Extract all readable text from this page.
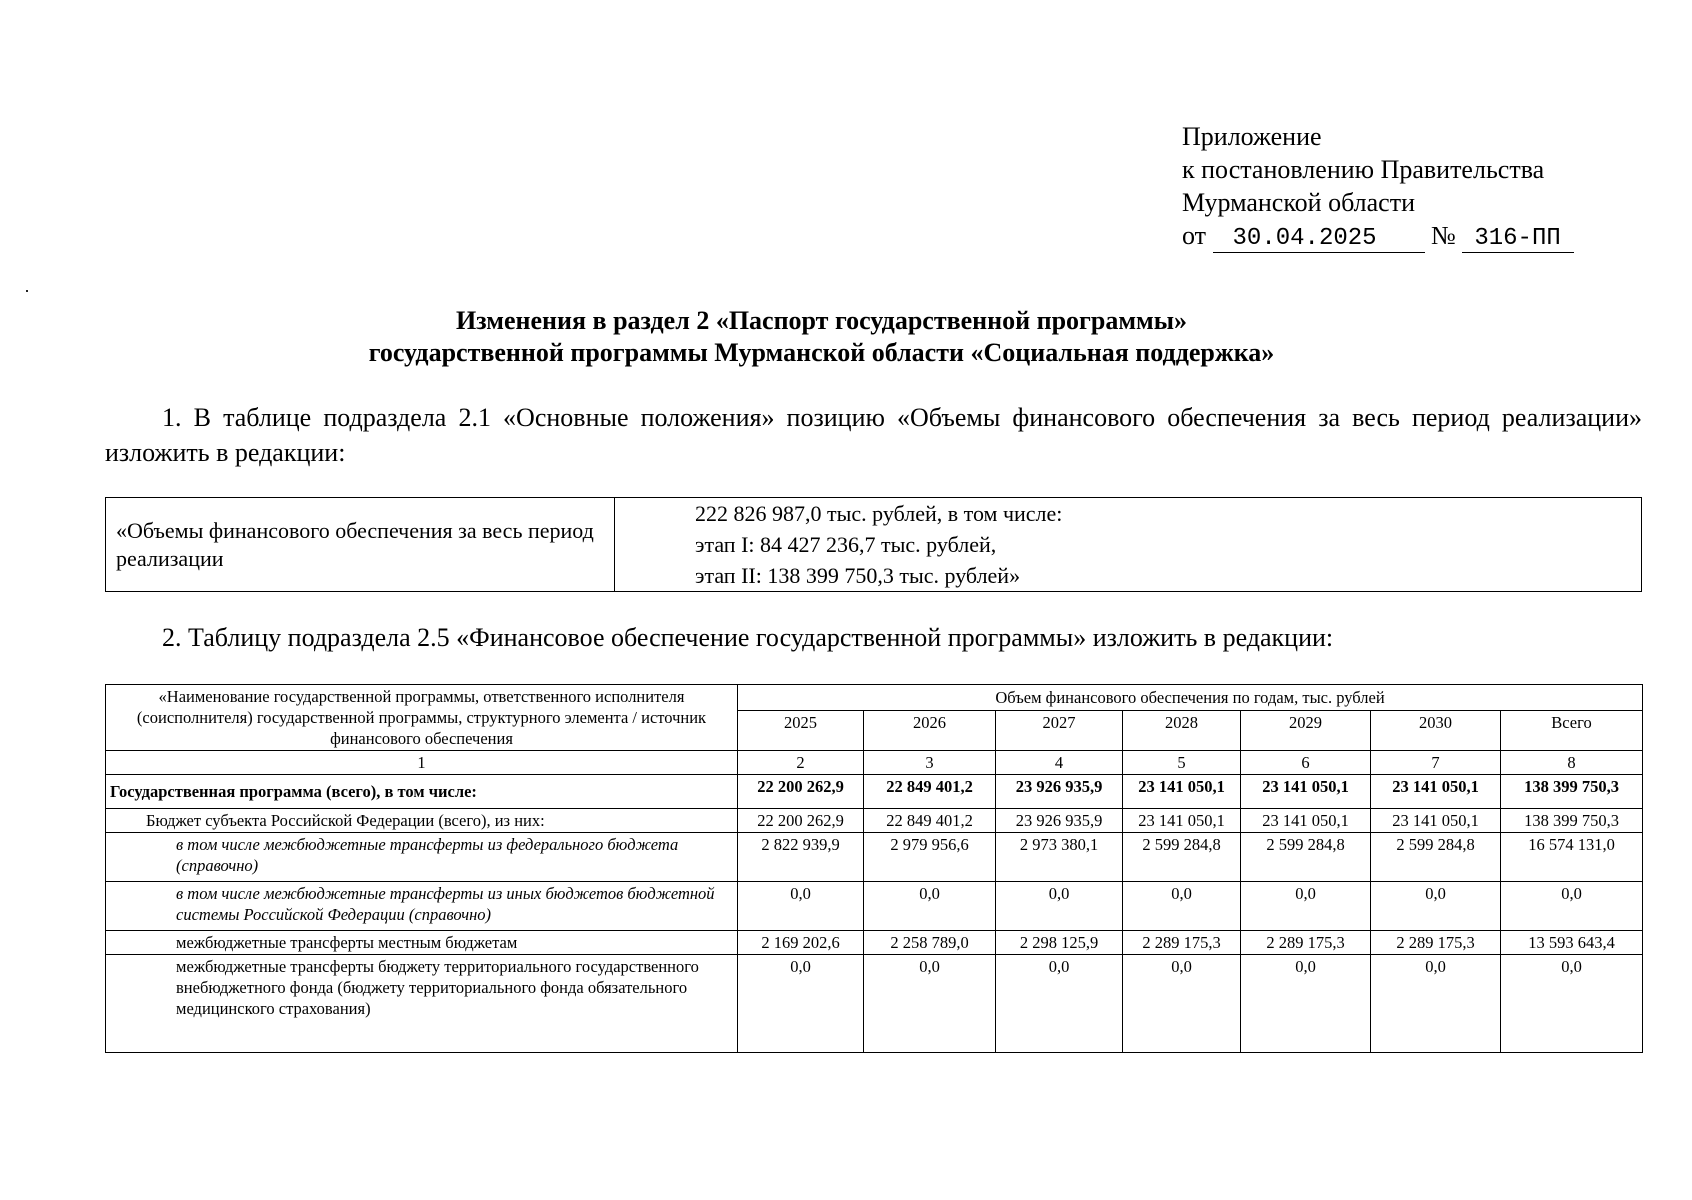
Приложение
к постановлению Правительства
Мурманской области
от 30.04.2025 № 316-ПП
Изменения в раздел 2 «Паспорт государственной программы»
государственной программы Мурманской области «Социальная поддержка»
1. В таблице подраздела 2.1 «Основные положения» позицию «Объемы финансового обеспечения за весь период реализации» изложить в редакции:
«Объемы финансового обеспечения за весь период реализации	
222 826 987,0 тыс. рублей, в том числе:
этап I: 84 427 236,7 тыс. рублей,
этап II: 138 399 750,3 тыс. рублей»
2. Таблицу подраздела 2.5 «Финансовое обеспечение государственной программы» изложить в редакции:
«Наименование государственной программы, ответственного исполнителя (соисполнителя) государственной программы, структурного элемента / источник финансового обеспечения	Объем финансового обеспечения по годам, тыс. рублей						
	2025	2026	2027	2028	2029	2030	Всего
1	2	3	4	5	6	7	8
Государственная программа (всего), в том числе:	22 200 262,9	22 849 401,2	23 926 935,9	23 141 050,1	23 141 050,1	23 141 050,1	138 399 750,3
Бюджет субъекта Российской Федерации (всего), из них:	22 200 262,9	22 849 401,2	23 926 935,9	23 141 050,1	23 141 050,1	23 141 050,1	138 399 750,3
в том числе межбюджетные трансферты из федерального бюджета (справочно)	2 822 939,9	2 979 956,6	2 973 380,1	2 599 284,8	2 599 284,8	2 599 284,8	16 574 131,0
в том числе межбюджетные трансферты из иных бюджетов бюджетной системы Российской Федерации (справочно)	0,0	0,0	0,0	0,0	0,0	0,0	0,0
межбюджетные трансферты местным бюджетам	2 169 202,6	2 258 789,0	2 298 125,9	2 289 175,3	2 289 175,3	2 289 175,3	13 593 643,4
межбюджетные трансферты бюджету территориального государственного внебюджетного фонда (бюджету территориального фонда обязательного медицинского страхования)	0,0	0,0	0,0	0,0	0,0	0,0	0,0
